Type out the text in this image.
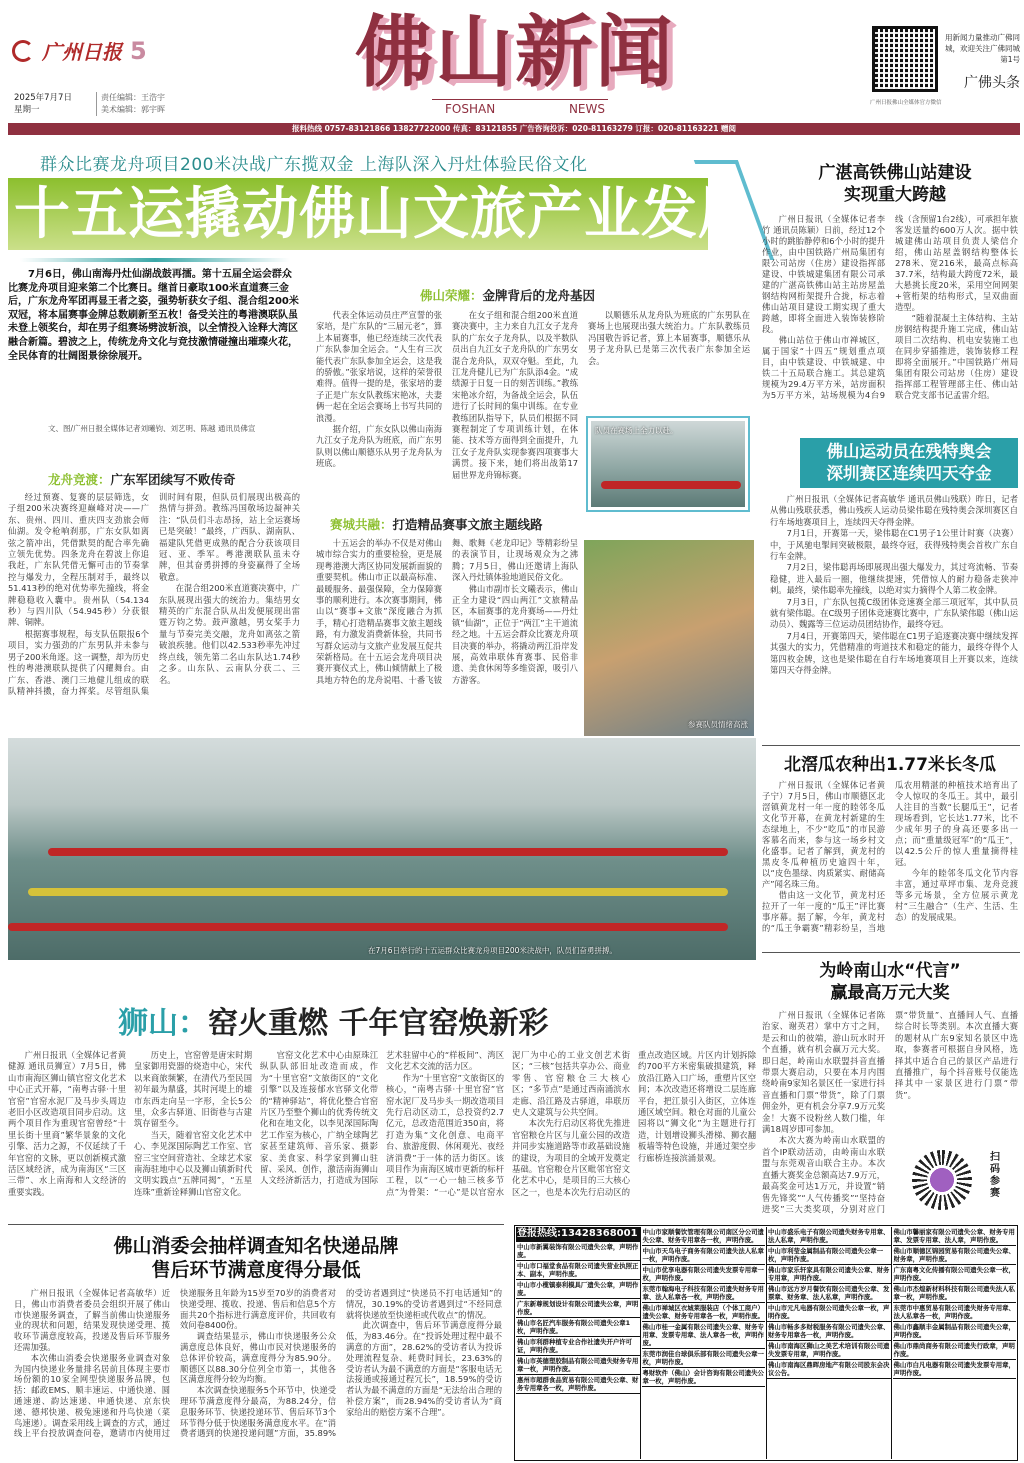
广州日报 5
2025年7月7日
星期一
责任编辑：王浩宇
美术编辑：郭宇晖
佛山新闻
FOSHAN	NEWS
用新闻力量推动广佛同城，欢迎关注广佛同城第1号
广佛头条
广州日报佛山全媒体官方微信
报料热线 0757-83121866 13827722000 传真：83121855 广告咨询投诉：020-81163279 订报：020-81163221 赠阅
群众比赛龙舟项目200米决战广东揽双金 上海队深入丹灶体验民俗文化
十五运撬动佛山文旅产业发展

7月6日，佛山南海丹灶仙湖战鼓再擂。第十五届全运会群众比赛龙舟项目迎来第二个比赛日。继首日豪取100米直道赛三金后，广东龙舟军团再显王者之姿，强势斩获女子组、混合组200米双冠，将本届赛事金牌总数刷新至五枚！备受关注的粤港澳联队虽未登上领奖台，却在男子组赛场劈波斩浪，以全情投入诠释大湾区融合新篇。碧波之上，传统龙舟文化与竞技激情碰撞出璀璨火花，全民体育的壮阔图景徐徐展开。

文、图/广州日报全媒体记者刘曦钧、刘艺明、陈越 通讯员佛宣
龙舟竞渡：广东军团续写不败传奇

经过预赛、复赛的层层筛选，女子组200米决赛终迎巅峰对决——广东、贵州、四川、重庆四支劲旅会师仙湖。发令枪响刹那，广东女队如离弦之箭冲出，凭借默契的配合率先确立领先优势。四条龙舟在碧波上你追我赶，广东队凭借无懈可击的节奏掌控与爆发力，全程压制对手，最终以51.413秒的绝对优势率先撞线，将金牌稳稳收入囊中。贵州队（54.134秒）与四川队（54.945秒）分获银牌、铜牌。

根据赛事规程，每支队伍限报6个项目，实力强劲的广东男队并未参与男子200米角逐。这一调整，却为历史性的粤港澳联队提供了闪耀舞台。由广东、香港、澳门三地健儿组成的联队精神抖擞，奋力挥桨。尽管组队集训时间有限，但队员们展现出极高的热情与拼劲。教练冯国敬场边凝神关注：“队员们斗志昂扬，站上全运赛场已是突破！”最终，广西队、湖南队、福建队凭借更成熟的配合分获该项目冠、亚、季军。粤港澳联队虽未夺牌，但其奋勇拼搏的身姿赢得了全场敬意。

在混合组200米直道赛决赛中，广东队展现出强大的统治力。集结男女精英的广东混合队从出发便展现出雷霆万钧之势。鼓声激越，男女桨手力量与节奏完美交融，龙舟如离弦之箭破浪疾驰。他们以42.533秒率先冲过终点线，领先第二名山东队达1.74秒之多。山东队、云南队分获二、三名。

佛山荣耀：金牌背后的龙舟基因

代表全体运动员庄严宣誓的张家培，是广东队的“三届元老”，算上本届赛事，他已经连续三次代表广东队参加全运会。“人生有三次能代表广东队参加全运会，这是我的骄傲。”张家培说，这样的荣誉很难得。值得一提的是，张家培的妻子正是广东女队教练宋艳冰，夫妻俩一起在全运会赛场上书写共同的浪漫。

据介绍，广东女队以佛山南海九江女子龙舟队为班底，而广东男队则以佛山顺德乐从男子龙舟队为班底。

在女子组和混合组200米直道赛决赛中，主力来自九江女子龙舟队的广东女子龙舟队，以及半数队员出自九江女子龙舟队的广东男女混合龙舟队，双双夺魁。至此，九江龙舟健儿已为广东队添4金。“成绩源于日复一日的刻苦训练。”教练宋艳冰介绍，为备战全运会，队伍进行了长时间的集中训练。在专业教练团队指导下，队员们根据不同赛程制定了专项训练计划，在体能、技术等方面得到全面提升，九江女子龙舟队实现参赛四项赛事大满贯。接下来，她们将出战第17届世界龙舟锦标赛。

以顺德乐从龙舟队为班底的广东男队在赛场上也展现出强大统治力。广东队教练员冯国敬告诉记者，算上本届赛事，顺德乐从男子龙舟队已是第三次代表广东参加全运会。

队员在赛场上全力以赴。
赛城共融：打造精品赛事文旅主题线路

十五运会的举办不仅是对佛山城市综合实力的重要检验，更是展现粤港澳大湾区协同发展新面貌的重要契机。佛山市正以最高标准、最暖服务、最强保障，全力保障赛事的顺利进行。本次赛事期间，佛山以“赛事+文旅”深度融合为抓手，精心打造精品赛事文旅主题线路，有力激发消费新体验，共同书写群众运动与文旅产业发展互促共荣新格局。在十五运会龙舟项目决赛开赛仪式上，佛山倾情献上了极具地方特色的龙舟说唱、十番飞钹舞、歌舞《老龙印记》等精彩纷呈的表演节目，让现场观众为之沸腾；7月5日，佛山还邀请上海队深入丹灶镇体验地道民俗文化。

佛山市副市长文曦表示，佛山正全力建设“四山两江”文旅精品区，本届赛事的龙舟赛场——丹灶镇“仙湖”，正位于“两江”主干道流经之地。十五运会群众比赛龙舟项目决赛的举办，将撬动两江沿岸发展，高效串联体育赛事、民俗非遗、美食休闲等多维资源，吸引八方游客。

参赛队员情绪高涨
在7月6日举行的十五运群众比赛龙舟项目200米决战中，队员们奋勇拼搏。
狮山：窑火重燃 千年官窑焕新彩

广州日报讯（全媒体记者黄健源 通讯员狮宣）7月5日，佛山市南海区狮山镇官窑文化艺术中心正式开幕，“南粤古驿·十里官窑”官窑水泥厂及马步头周边老旧小区改造项目同步启动。这两个项目作为重现官窑曾经“十里长街十里商”繁华景象的文化引擎、活力之源，不仅延续了千年官窑的文脉，更以创新模式激活区域经济，成为南海区“三区三带”、水上南海和人文经济的重要实践。

历史上，官窑曾是唐宋时期皇家御用瓷器的烧造中心，宋代以来商旅频繁，在清代乃至民国初年最为鼎盛，其时河堤上的墟市东西走向呈一字形，全长5公里，众多古驿道、旧街巷与古建筑存留至今。

当天，随着官窑文化艺术中心、李见深国际陶艺工作室、官窑三宝空间营造社、全球艺术家南海驻地中心以及狮山镇新时代文明实践点“五牌同揭”，“五星连珠”重新诠释狮山官窑文化。

官窑文化艺术中心由原珠江纵队队部旧址改造而成，作为“十里官窑”文旅街区的“文化引擎”以及连接郁水官驿文化带的“精神驿站”，将优化整合官窑片区乃至整个狮山的优秀传统文化和在地文化，以李见深国际陶艺工作室为核心，广纳全球陶艺家甚至建筑师、音乐家、摄影家、美食家、科学家到狮山驻留、采风、创作，激活南海狮山人文经济新活力，打造成为国际艺术驻留中心的“样板间”、湾区文化艺术交流的活力区。

作为“十里官窑”文旅街区的核心，“南粤古驿·十里官窑”官窑水泥厂及马步头一期改造项目先行启动区动工，总投资约2.7亿元，总改造范围近350亩，将打造为集“文化创意、电商平台、旅游度假、休闲观光、夜经济消费”于一体的活力街区。该项目作为南海区城市更新的标杆工程，以“一心一轴三核多节点”为骨架：“一心”是以官窑水泥厂为中心的工业文创艺术街区；“三核”包括共享办公、商业零售、官窑粮仓三大核心区；“多节点”是通过西南涌滨水走廊、沿江路及古驿道，串联历史人文建筑与公共空间。

本次先行启动区将优先推进官窑粮仓片区与儿童公园的改造并同步实施道路等市政基础设施的建设，为项目的全域开发奠定基础。官窑粮仓片区毗邻官窑文化艺术中心，是项目的三大核心区之一，也是本次先行启动区的重点改造区域。片区内计划拆除约700平方米密集破损建筑，释放沿江路入口广场，重塑片区空间；本次改造还将增设二层连廊平台，把江景引入街区，立体连通区域空间。粮仓对面的儿童公园将以“狮文化”为主题进行打造，计划增设狮头滑梯、狮衣翻板墙等特色设施，并通过架空步行廊桥连接滨涌景观。

佛山消委会抽样调查知名快递品牌
售后环节满意度得分最低

广州日报讯（全媒体记者高敏华）近日，佛山市消费者委员会组织开展了佛山市快递服务调查，了解当前佛山快递服务业的现状和问题，结果发现快递受理、揽收环节满意度较高，投递及售后环节服务还需加强。

本次佛山消委会快递服务业调查对象为国内快递业务量排名居前且体现主要市场份额的10家全网型快递服务品牌，包括：邮政EMS、顺丰速运、中通快递、圆通速递、韵达速递、申通快递、京东快递、德邦快递、极兔速递和丹鸟快递（菜鸟速递）。调查采用线上调查的方式，通过线上平台投放调查问卷，邀请市内使用过快递服务且年龄为15岁至70岁的消费者对快递受理、揽收、投递、售后和信息5个方面共20个指标进行满意度评价，共回收有效问卷8400份。

调查结果显示，佛山市快递服务公众满意度总体良好，佛山市民对快递服务的总体评价较高，满意度得分为85.90分。顺德区以88.30分位列全市第一，其他各区满意度得分较为均衡。

本次调查快递服务5个环节中，快递受理环节满意度得分最高，为88.24分，信息服务环节、快递投递环节、售后环节3个环节得分低于快递服务满意度水平。在“消费者遇到的快递投递问题”方面，35.89%的受访者遇到过“快递员不打电话通知”的情况，30.19%的受访者遇到过“不经同意就将快递放至快递柜或代收点”的情况。

此次调查中，售后环节满意度得分最低，为83.46分。在“投诉处理过程中最不满意的方面”，28.62%的受访者认为投诉处理流程复杂、耗费时间长，23.63%的受访者认为最不满意的方面是“客服电话无法接通或接通过程冗长”，18.59%的受访者认为最不满意的方面是“无法给出合理的补偿方案”，而28.94%的受访者认为“商家给出的赔偿方案不合理”。

登报热线:13428368001
中山市新翼装饰有限公司遗失公章，声明作废。
中山市口福堂食品有限公司遗失营业执照正本、副本，声明作废。
中山市小榄镇泰利模具厂遗失公章，声明作废。
广东新尊规划设计有限公司遗失公章，声明作废。
佛山市名匠汽车服务有限公司遗失公章1枚，声明作废。
佛山市利群种植专业合作社遗失开户许可证，声明作废。
佛山市英德塑胶制品有限公司遗失财务专用章一枚，声明作废。
惠州市超群食品贸易有限公司遗失公章、财务专用章各一枚，声明作废。
中山市家顺餐饮管理有限公司南区分公司遗失公章、财务专用章各一枚，声明作废。
中山市天鸟电子商务有限公司遗失法人私章一枚，声明作废。
中山市优享电器有限公司遗失发票专用章一枚，声明作废。
东莞市翰海电子科技有限公司遗失财务专用章、法人私章各一枚，声明作废。
佛山市禅城区衣城莱服装店（个体工商户）遗失公章、财务专用章各一枚，声明作废。
佛山市桂一金属有限公司遗失公章、财务专用章、发票专用章、法人章各一枚，声明作废。
东莞市润佳台球俱乐部有限公司遗失公章一枚，声明作废。
粤财软件（佛山）会计咨询有限公司遗失公章一枚，声明作废。
中山市盛乐电子有限公司遗失财务专用章、法人私章，声明作废。
中山市利莹金属制品有限公司遗失公章一枚，声明作废。
佛山市家乐轩家具有限公司遗失公章、财务专用章，声明作废。
佛山市远方岁月餐饮有限公司遗失公章、发票章、财务章、法人私章，声明作废。
中山市元凡电器有限公司遗失公章一枚，声明作废。
佛山市畅多多财税服务有限公司遗失公章、财务专用章各一枚，声明作废。
佛山市南海区狮山之美艺术培训有限公司遗失发票专用章，声明作废。
佛山市南海区鼎晖房地产有限公司股东会决议公告。
佛山市馨丽家有限公司遗失公章、财务专用章、发票专用章、法人章，声明作废。
佛山市顺德区锦园贸易有限公司遗失公章、财务章，声明作废。
广东南粤文化传播有限公司遗失公章一枚，声明作废。
佛山市杰煌新材料科技有限公司遗失法人私章一枚，声明作废。
东莞市中惠贸易有限公司遗失财务专用章、法人私章各一枚，声明作废。
佛山市鑫顺丰金属制品有限公司遗失公章，声明作废。
佛山市鼎尚商务有限公司遗失行政章，声明作废。
佛山市白凡电器有限公司遗失发票专用章，声明作废。
广湛高铁佛山站建设
实现重大跨越

广州日报讯（全媒体记者李竹 通讯员陈颖）日前，经过12个小时的跳胎静停和6个小时的提升作业，由中国铁路广州局集团有限公司站房（住房）建设指挥部建设、中铁城建集团有限公司承建的广湛高铁佛山站主站房屋盖钢结构网桁架提升合拢，标志着佛山站项目建设工期实现了重大跨越，即将全面进入装饰装修阶段。

佛山站位于佛山市禅城区，属于国家“十四五”规划重点项目，由中铁建设、中铁城建、中铁二十五局联合施工。其总建筑规模为29.4万平方米，站房面积为5万平方米，站场规模为4台9线（含预留1台2线），可承担年旅客发送量约600万人次。据中铁城建佛山站项目负责人梁信介绍，佛山站屋盖钢结构整体长278米、宽216米，最高点标高37.7米，结构最大跨度72米，最大悬挑长度20米，采用空间网架+管桁架的结构形式，呈双曲面造型。

“随着混凝土主体结构、主站房钢结构提升施工完成，佛山站项目二次结构、机电安装施工也在同步穿插推进，装饰装修工程即将全面展开。”中国铁路广州局集团有限公司站房（住房）建设指挥部工程管理部主任、佛山站联合党支部书记孟雷介绍。

佛山运动员在残特奥会
深圳赛区连续四天夺金

广州日报讯（全媒体记者高敏华 通讯员佛山残联）昨日，记者从佛山残联获悉，佛山残疾人运动员梁伟聪在残特奥会深圳赛区自行车场地赛项目上，连续四天夺得金牌。

7月1日，开赛第一天，梁伟聪在C1男子1公里计时赛（决赛）中，于风驰电掣间突破极限，最终夺冠，获得残特奥会首枚广东自行车金牌。

7月2日，梁伟聪再场即展现出强大爆发力，其过弯流畅、节奏稳健，进入最后一圈，他继续提速，凭借惊人的耐力稳备走狭冲刺。最终，梁伟聪率先撞线，以绝对实力摘得个人第二枚金牌。

7月3日，广东队包揽C级团体竞速赛全部三项冠军，其中队员就有梁伟聪。在C级男子团体竞速赛比赛中，广东队梁伟聪（佛山运动员）、魏露等三位运动员团结协作，最终夺冠。

7月4日，开赛第四天，梁伟聪在C1男子追逐赛决赛中继续发挥其强大的实力，凭借精准的弯道技术和稳定的能力，最终夺得个人第四枚金牌，这也是梁伟聪在自行车场地赛项目上开赛以来，连续第四天夺得金牌。

北滘瓜农种出1.77米长冬瓜

广州日报讯（全媒体记者黄子宁）7月5日，佛山市顺德区北滘镇黄龙村一年一度的睦邻冬瓜文化节开幕，在黄龙村新建的生态绿地上，不少“吃瓜”的市民游客慕名而来，参与这一场乡村文化盛事。记者了解到，黄龙村的黑皮冬瓜种植历史逾四十年，以“皮色墨绿、肉质紧实、耐储高产”闻名珠三角。

借由这一文化节，黄龙村还拉开了一年一度的“瓜王”评比赛事序幕。据了解，今年，黄龙村的“瓜王争霸赛”精彩纷呈，当地瓜农用精湛的种植技术培育出了令人惊叹的冬瓜王。其中，最引人注目的当数“长腿瓜王”，记者现场看到，它长达1.77米，比不少成年男子的身高还要多出一点；而“重量级冠军”的“瓜王”，以42.5公斤的惊人重量摘得桂冠。

今年的睦邻冬瓜文化节内容丰富，通过草坪市集、龙舟竞渡等多元场景，全方位展示黄龙村“三生融合”（生产、生活、生态）的发展成果。

为岭南山水“代言”
赢最高万元大奖

广州日报讯（全媒体记者陈治家、谢英君）掌中方寸之间，是云和山的彼端，游山玩水时开个直播，就有机会赢万元大奖。即日起，岭南山水联盟抖音直播带票大赛启动，只要在本月内围绕岭南9家知名景区任一家进行抖音直播和门票“带货”，除了门票佣金外，更有机会分享7.9万元奖金！大赛不设粉丝人数门槛，年满18周岁即可参加。

本次大赛为岭南山水联盟的首个IP联动活动，由岭南山水联盟与东莞观音山联合主办。本次直播大赛奖金总额高达7.9万元，最高奖金可达1万元，并设置“销售先锋奖”“人气传播奖”“坚持奋进奖”三大类奖项，分别对应门票“带货量”、直播间人气、直播综合时长等类别。本次直播大赛的题材从广东9家知名景区中选取，参赛者可根据自身风格，选择其中适合自己的景区产品进行直播推广，每个抖音账号仅能选择其中一家景区进行门票“带货”。

扫码参赛
